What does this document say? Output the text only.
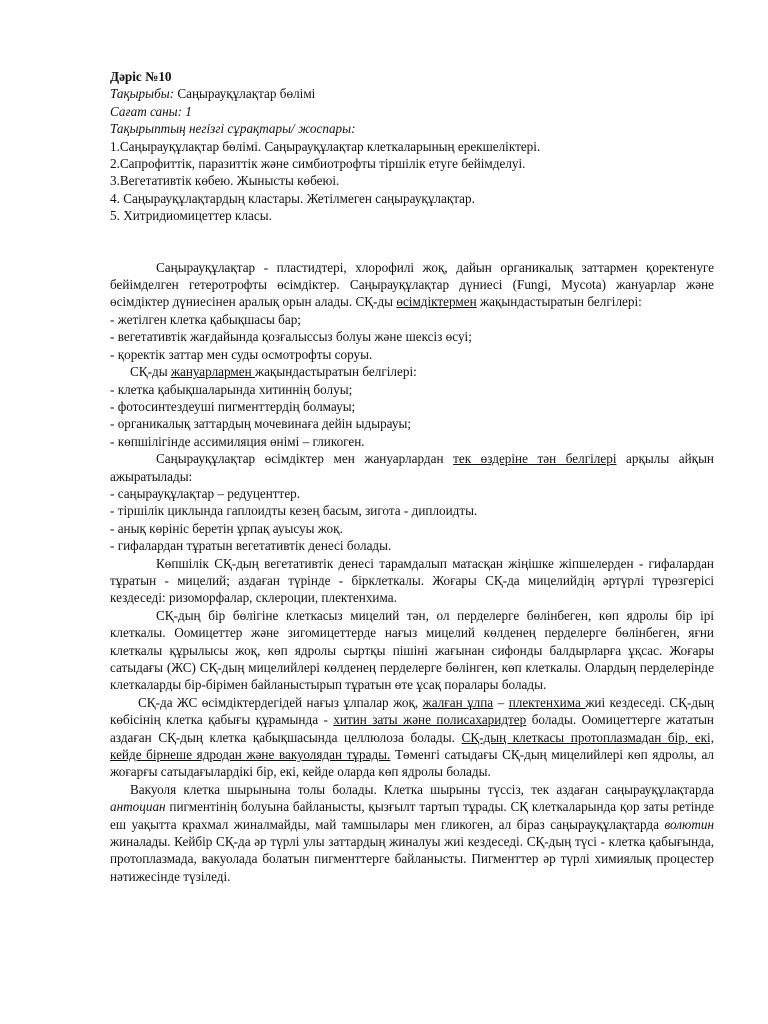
Дәріс №10

Тақырыбы: Саңырауқұлақтар бөлімі

Сағат саны: 1

Тақырыптың негізгі сұрақтары/ жоспары:

1.Саңырауқұлақтар бөлімі. Саңырауқұлақтар клеткаларының ерекшеліктері.

2.Сапрофиттік, паразиттік және симбиотрофты тіршілік етуге бейімделуі.

3.Вегетативтік көбею. Жынысты көбеюі.

4. Саңырауқұлақтардың кластары. Жетілмеген саңырауқұлақтар.

5. Хитридиомицеттер класы.

Саңырауқұлақтар - пластидтері, хлорофилі жоқ, дайын органикалық заттармен қоректенуге бейімделген гетеротрофты өсімдіктер. Саңырауқұлақтар дүниесі (Fungi, Mycota) жануарлар және өсімдіктер дүниесінен аралық орын алады. СҚ-ды өсімдіктермен жақындастыратын белгілері:

- жетілген клетка қабықшасы бар;

- вегетативтік жағдайында қозғалыссыз болуы және шексіз өсуі;

- қоректік заттар мен суды осмотрофты соруы.

СҚ-ды жануарлармен жақындастыратын белгілері:

- клетка қабықшаларында хитиннің болуы;

- фотосинтездеуші пигменттердің болмауы;

- органикалық заттардың мочевинаға дейін ыдырауы;

- көпшілігінде ассимиляция өнімі – гликоген.

Саңырауқұлақтар өсімдіктер мен жануарлардан тек өздеріне тән белгілері арқылы айқын ажыратылады:

- саңырауқұлақтар – редуценттер.

- тіршілік циклында гаплоидты кезең басым, зигота - диплоидты.

- анық көрініс беретін ұрпақ ауысуы жоқ.

- гифалардан тұратын вегетативтік денесі болады.

Көпшілік СҚ-дың вегетативтік денесі тарамдалып матасқан жіңішке жіпшелерден - гифалардан тұратын - мицелий; аздаған түрінде - бірклеткалы. Жоғары СҚ-да мицелийдің әртүрлі түрөзгерісі кездеседі: ризоморфалар, склероции, плектенхима.

СҚ-дың бір бөлігіне клеткасыз мицелий тән, ол перделерге бөлінбеген, көп ядролы бір ірі клеткалы. Оомицеттер және зигомицеттерде нағыз мицелий көлденең перделерге бөлінбеген, яғни клеткалы құрылысы жоқ, көп ядролы сыртқы пішіні жағынан сифонды балдырларға ұқсас. Жоғары сатыдағы (ЖС) СҚ-дың мицелийлері көлденең перделерге бөлінген, көп клеткалы. Олардың перделерінде клеткаларды бір-бірімен байланыстырып тұратын өте ұсақ поралары болады.

СҚ-да ЖС өсімдіктердегідей нағыз ұлпалар жоқ, жалған ұлпа – плектенхима жиі кездеседі. СҚ-дың көбісінің клетка қабығы құрамында - хитин заты және полисахаридтер болады. Оомицеттерге жататын аздаған СҚ-дың клетка қабықшасында целлюлоза болады. СҚ-дың клеткасы протоплазмадан бір, екі, кейде бірнеше ядродан және вакуолядан тұрады. Төменгі сатыдағы СҚ-дың мицелийлері көп ядролы, ал жоғарғы сатыдағылардікі бір, екі, кейде оларда көп ядролы болады.

Вакуоля клетка шырынына толы болады. Клетка шырыны түссіз, тек аздаған саңырауқұлақтарда антоциан пигментінің болуына байланысты, қызғылт тартып тұрады. СҚ клеткаларында қор заты ретінде еш уақытта крахмал жиналмайды, май тамшылары мен гликоген, ал біраз саңырауқұлақтарда волютин жиналады. Кейбір СҚ-да әр түрлі улы заттардың жиналуы жиі кездеседі. СҚ-дың түсі - клетка қабығында, протоплазмада, вакуолада болатын пигменттерге байланысты. Пигменттер әр түрлі химиялық процестер нәтижесінде түзіледі.
